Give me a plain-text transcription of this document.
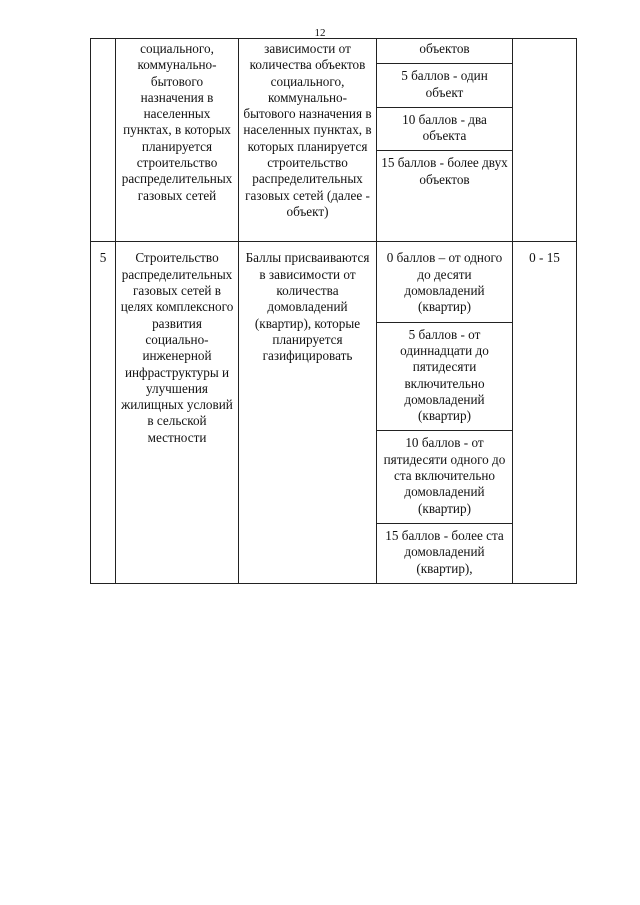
12
	социального, коммунально-бытового назначения в населенных пунктах, в которых планируется строительство распределительных газовых сетей	зависимости от количества объектов социального, коммунально-бытового назначения в населенных пунктах, в которых планируется строительство распределительных газовых сетей (далее - объект)	объектов	
			5 баллов - один объект	
			10 баллов - два объекта	
			15 баллов - более двух объектов	
5	Строительство распределительных газовых сетей в целях комплексного развития социально-инженерной инфраструктуры и улучшения жилищных условий в сельской местности	Баллы присваиваются в зависимости от количества домовладений (квартир), которые планируется газифицировать	0 баллов – от одного до десяти домовладений (квартир)	0 - 15
			5 баллов - от одиннадцати до пятидесяти включительно домовладений (квартир)	
			10 баллов - от пятидесяти одного до ста включительно домовладений (квартир)	
			15 баллов - более ста домовладений (квартир),	
